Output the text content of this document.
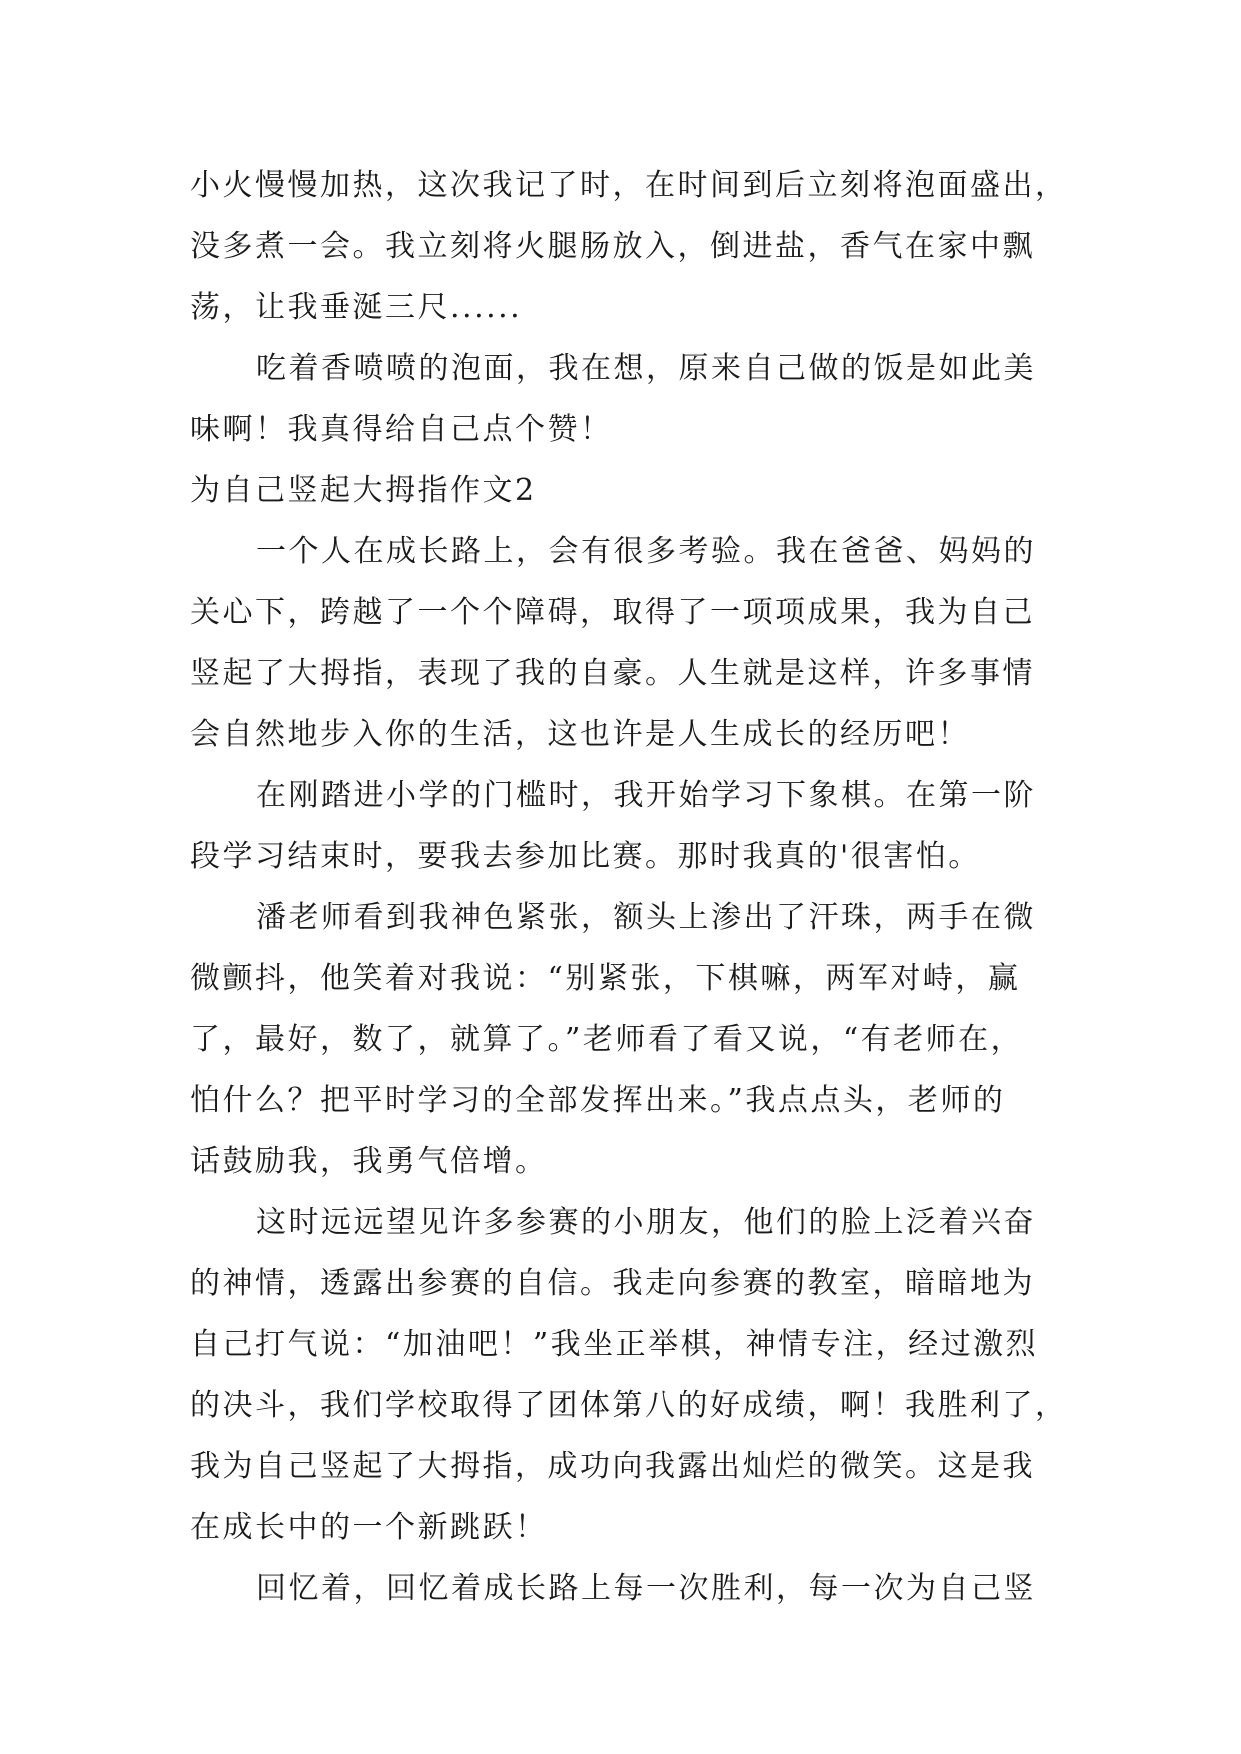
小火慢慢加热，这次我记了时，在时间到后立刻将泡面盛出，
没多煮一会。我立刻将火腿肠放入，倒进盐，香气在家中飘
荡，让我垂涎三尺......
吃着香喷喷的泡面，我在想，原来自己做的饭是如此美
味啊！我真得给自己点个赞！
为自己竖起大拇指作文2
一个人在成长路上，会有很多考验。我在爸爸、妈妈的
关心下，跨越了一个个障碍，取得了一项项成果，我为自己
竖起了大拇指，表现了我的自豪。人生就是这样，许多事情
会自然地步入你的生活，这也许是人生成长的经历吧！
在刚踏进小学的门槛时，我开始学习下象棋。在第一阶
段学习结束时，要我去参加比赛。那时我真的'很害怕。
潘老师看到我神色紧张，额头上渗出了汗珠，两手在微
微颤抖，他笑着对我说：“别紧张，下棋嘛，两军对峙，赢
了，最好，数了，就算了。”老师看了看又说，“有老师在，
怕什么？把平时学习的全部发挥出来。”我点点头，老师的
话鼓励我，我勇气倍增。
这时远远望见许多参赛的小朋友，他们的脸上泛着兴奋
的神情，透露出参赛的自信。我走向参赛的教室，暗暗地为
自己打气说：“加油吧！”我坐正举棋，神情专注，经过激烈
的决斗，我们学校取得了团体第八的好成绩，啊！我胜利了，
我为自己竖起了大拇指，成功向我露出灿烂的微笑。这是我
在成长中的一个新跳跃！
回忆着，回忆着成长路上每一次胜利，每一次为自己竖
